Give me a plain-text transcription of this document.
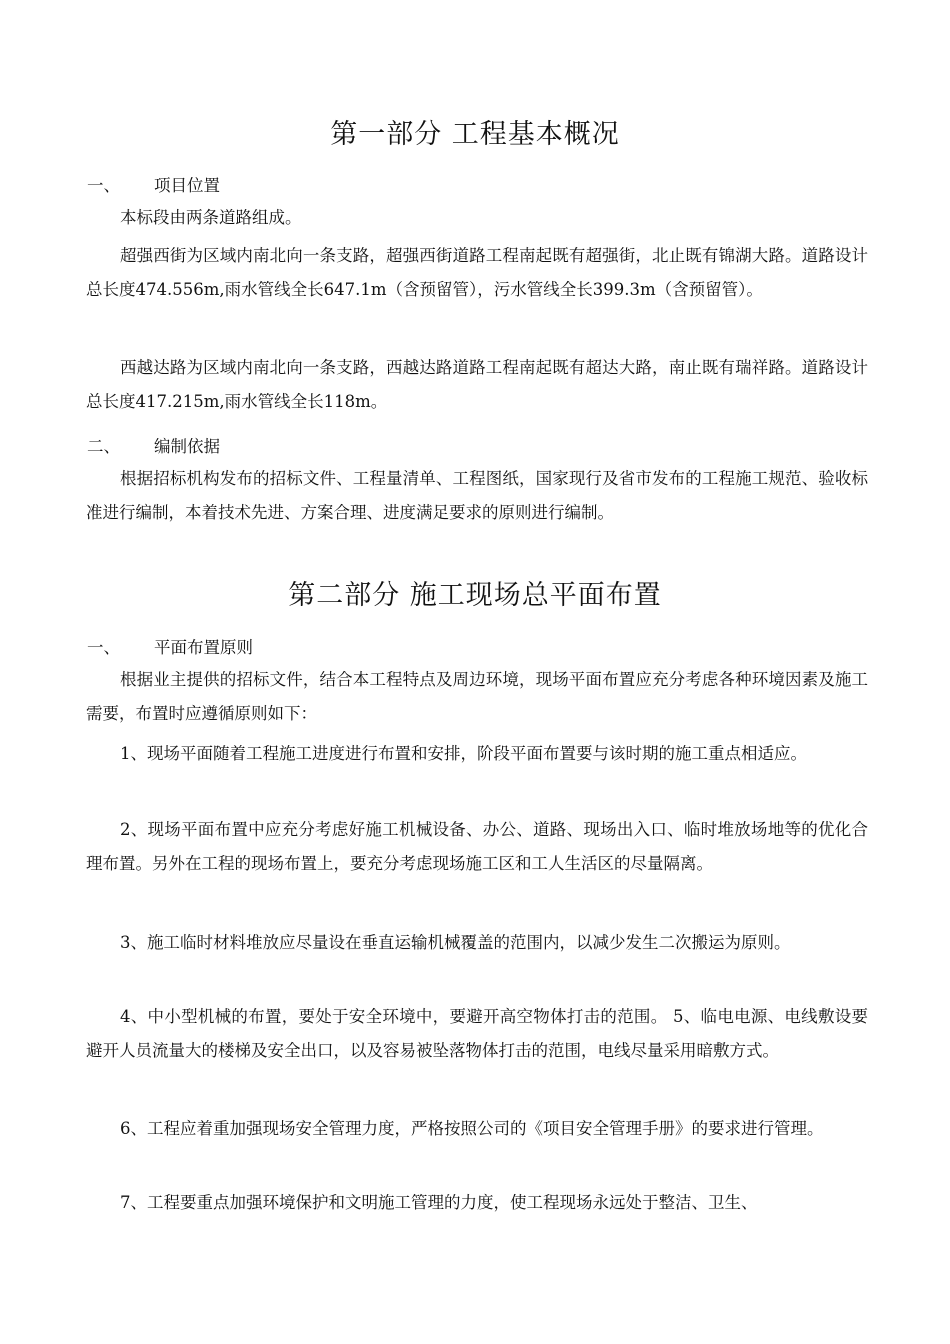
第一部分 工程基本概况
一、 项目位置

本标段由两条道路组成。

超强西街为区域内南北向一条支路，超强西街道路工程南起既有超强街，北止既有锦湖大路。道路设计总长度474.556m,雨水管线全长647.1m（含预留管），污水管线全长399.3m（含预留管）。

西越达路为区域内南北向一条支路，西越达路道路工程南起既有超达大路，南止既有瑞祥路。道路设计总长度417.215m,雨水管线全长118m。

二、 编制依据

根据招标机构发布的招标文件、工程量清单、工程图纸，国家现行及省市发布的工程施工规范、验收标准进行编制，本着技术先进、方案合理、进度满足要求的原则进行编制。

第二部分 施工现场总平面布置
一、 平面布置原则

根据业主提供的招标文件，结合本工程特点及周边环境，现场平面布置应充分考虑各种环境因素及施工需要，布置时应遵循原则如下：

1、现场平面随着工程施工进度进行布置和安排，阶段平面布置要与该时期的施工重点相适应。

2、现场平面布置中应充分考虑好施工机械设备、办公、道路、现场出入口、临时堆放场地等的优化合理布置。另外在工程的现场布置上，要充分考虑现场施工区和工人生活区的尽量隔离。

3、施工临时材料堆放应尽量设在垂直运输机械覆盖的范围内，以减少发生二次搬运为原则。

4、中小型机械的布置，要处于安全环境中，要避开高空物体打击的范围。 5、临电电源、电线敷设要避开人员流量大的楼梯及安全出口，以及容易被坠落物体打击的范围，电线尽量采用暗敷方式。

6、工程应着重加强现场安全管理力度，严格按照公司的《项目安全管理手册》的要求进行管理。

7、工程要重点加强环境保护和文明施工管理的力度，使工程现场永远处于整洁、卫生、
